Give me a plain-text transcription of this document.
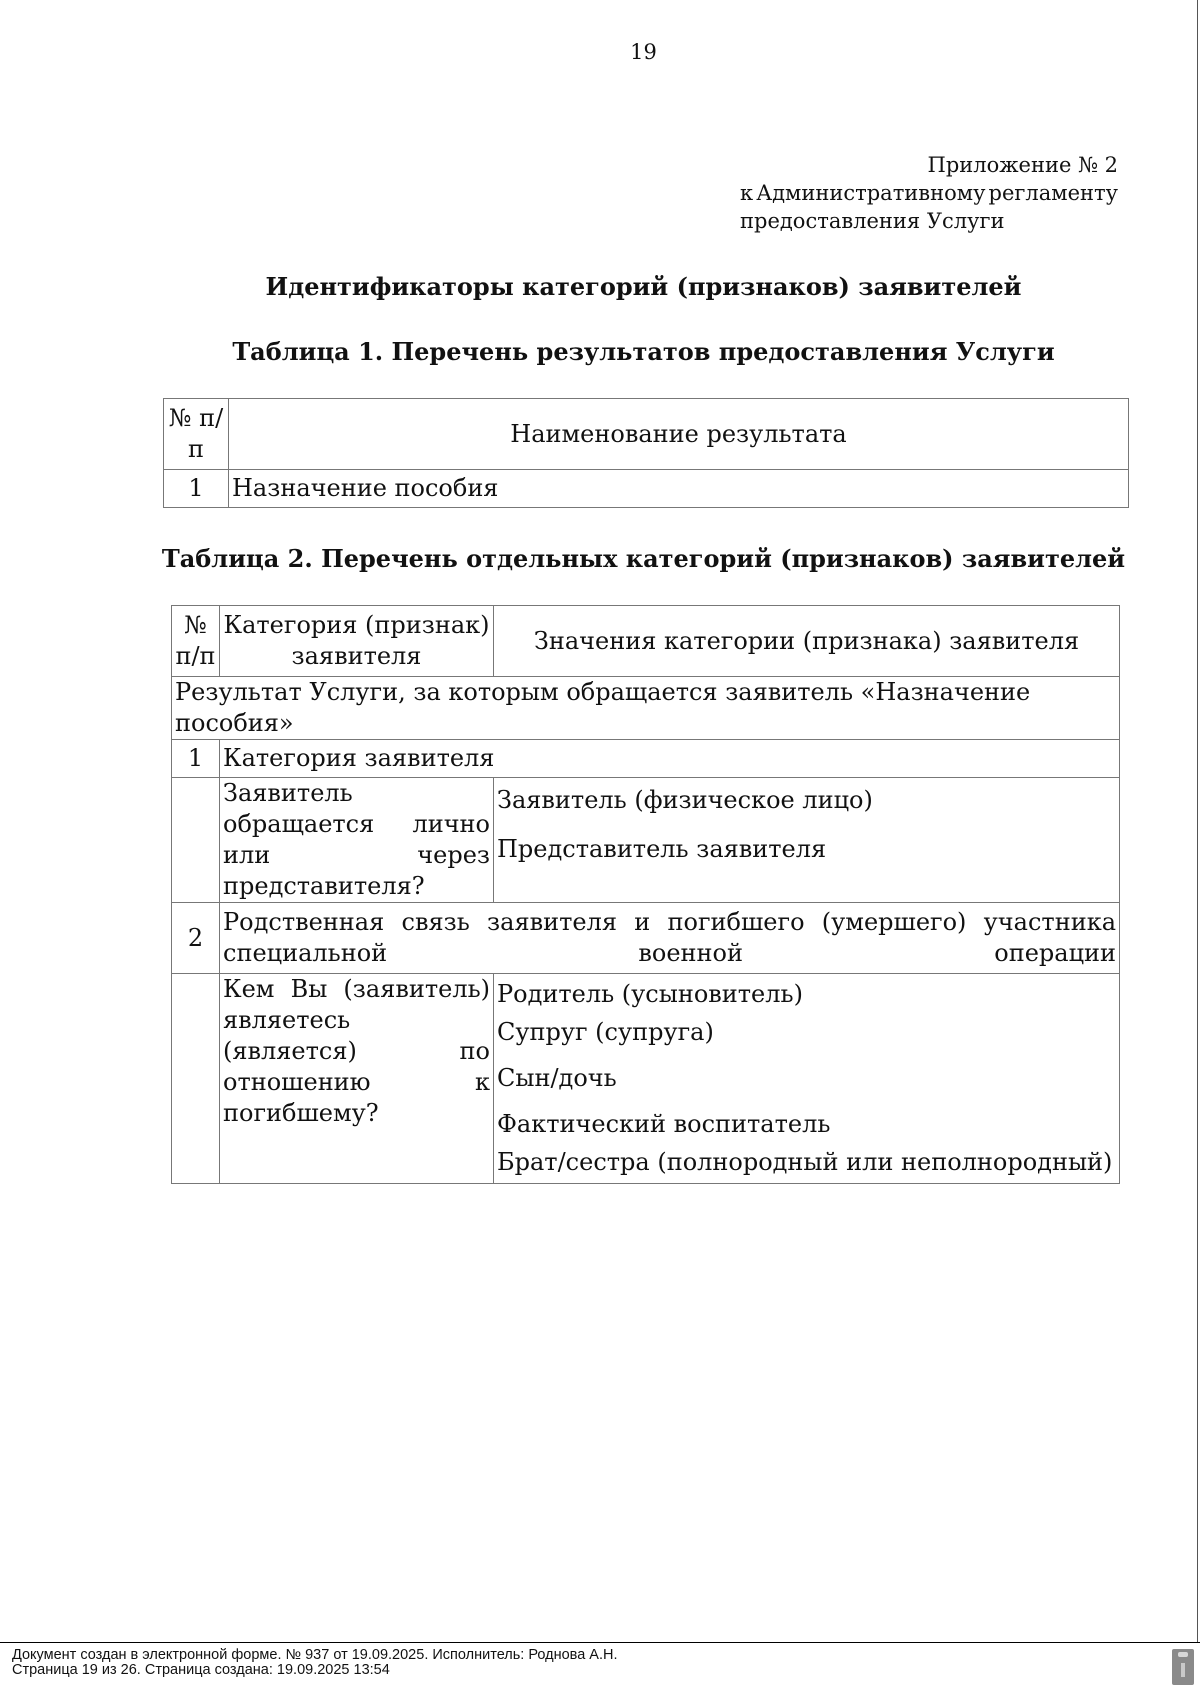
19
Приложение № 2
к Административному регламенту
предоставления Услуги
Идентификаторы категорий (признаков) заявителей
Таблица 1. Перечень результатов предоставления Услуги
№ п/п	Наименование результата
1	Назначение пособия
Таблица 2. Перечень отдельных категорий (признаков) заявителей
№ п/п	Категория (признак) заявителя	Значения категории (признака) заявителя
Результат Услуги, за которым обращается заявитель «Назначение пособия»		
1	Категория заявителя	
	Заявитель обращается лично или через представителя?	Заявитель (физическое лицо)
Представитель заявителя

2	Родственная связь заявителя и погибшего (умершего) участника специальной военной операции	
	Кем Вы (заявитель) являетесь (является) по отношению к погибшему?	Родитель (усыновитель)
Супруг (супруга)
Сын/дочь
Фактический воспитатель
Брат/сестра (полнородный или неполнородный)
Документ создан в электронной форме. № 937 от 19.09.2025. Исполнитель: Роднова А.Н.
Страница 19 из 26. Страница создана: 19.09.2025 13:54
